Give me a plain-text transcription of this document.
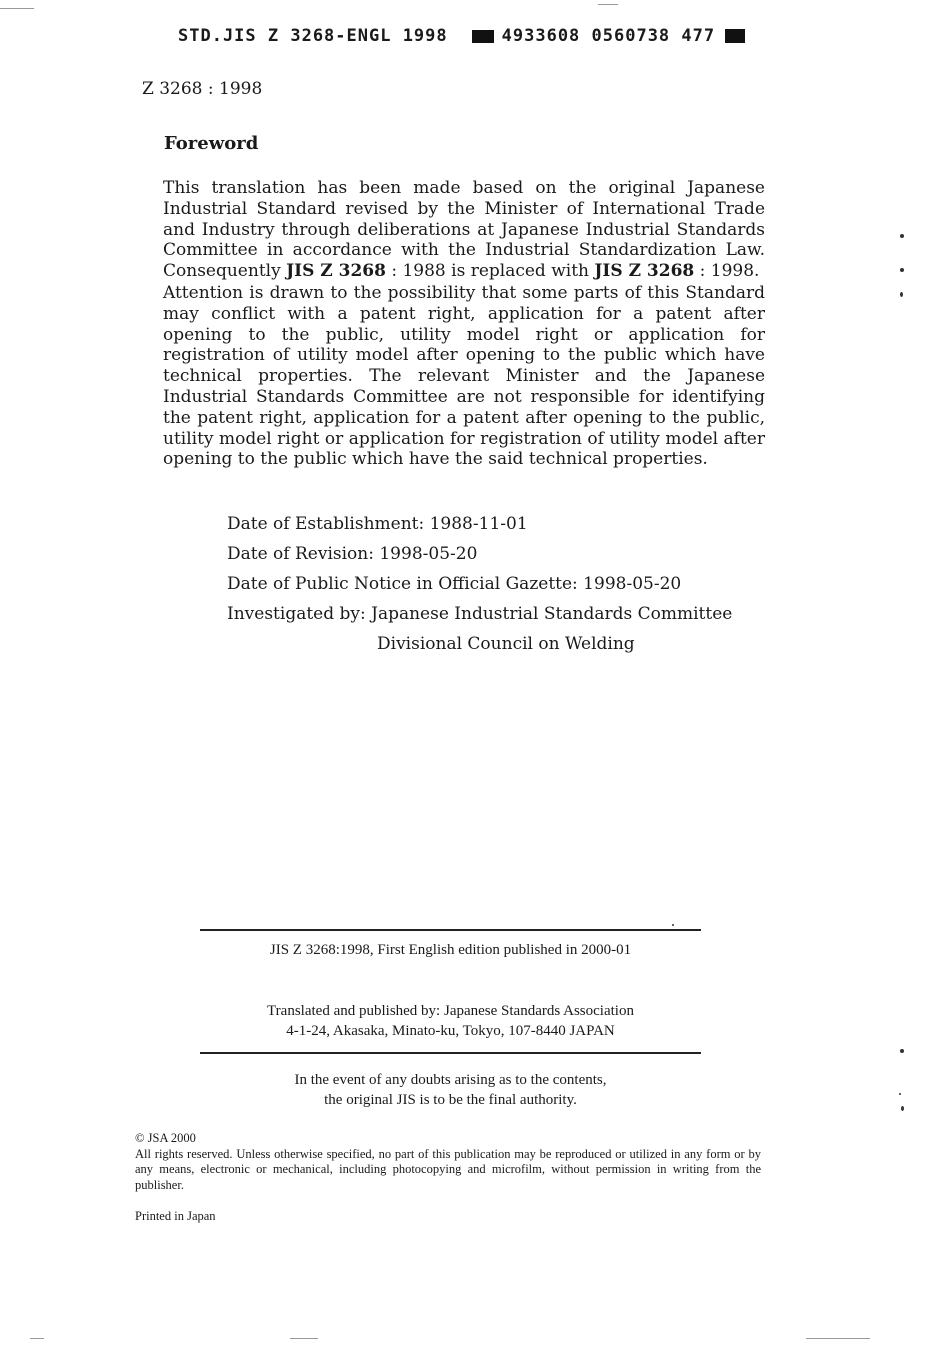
STD.JIS Z 3268-ENGL 1998	4933608 0560738 477
Z 3268 : 1998
Foreword
This translation has been made based on the original Japanese Industrial Standard revised by the Minister of International Trade and Industry through deliberations at Japanese Industrial Standards Committee in accordance with the Industrial Standardization Law. Consequently JIS Z 3268 : 1988 is replaced with JIS Z 3268 : 1998.
Attention is drawn to the possibility that some parts of this Standard may conflict with a patent right, application for a patent after opening to the public, utility model right or application for registration of utility model after opening to the public which have technical properties. The relevant Minister and the Japanese Industrial Standards Committee are not responsible for identifying the patent right, application for a patent after opening to the public, utility model right or application for registration of utility model after opening to the public which have the said technical properties.
Date of Establishment: 1988-11-01
Date of Revision: 1998-05-20
Date of Public Notice in Official Gazette: 1998-05-20
Investigated by: Japanese Industrial Standards Committee
Divisional Council on Welding
JIS Z 3268:1998, First English edition published in 2000-01
Translated and published by: Japanese Standards Association
4-1-24, Akasaka, Minato-ku, Tokyo, 107-8440 JAPAN
In the event of any doubts arising as to the contents,
the original JIS is to be the final authority.
© JSA 2000
All rights reserved. Unless otherwise specified, no part of this publication may be reproduced or utilized in any form or by any means, electronic or mechanical, including photocopying and microfilm, without permission in writing from the publisher.
Printed in Japan
